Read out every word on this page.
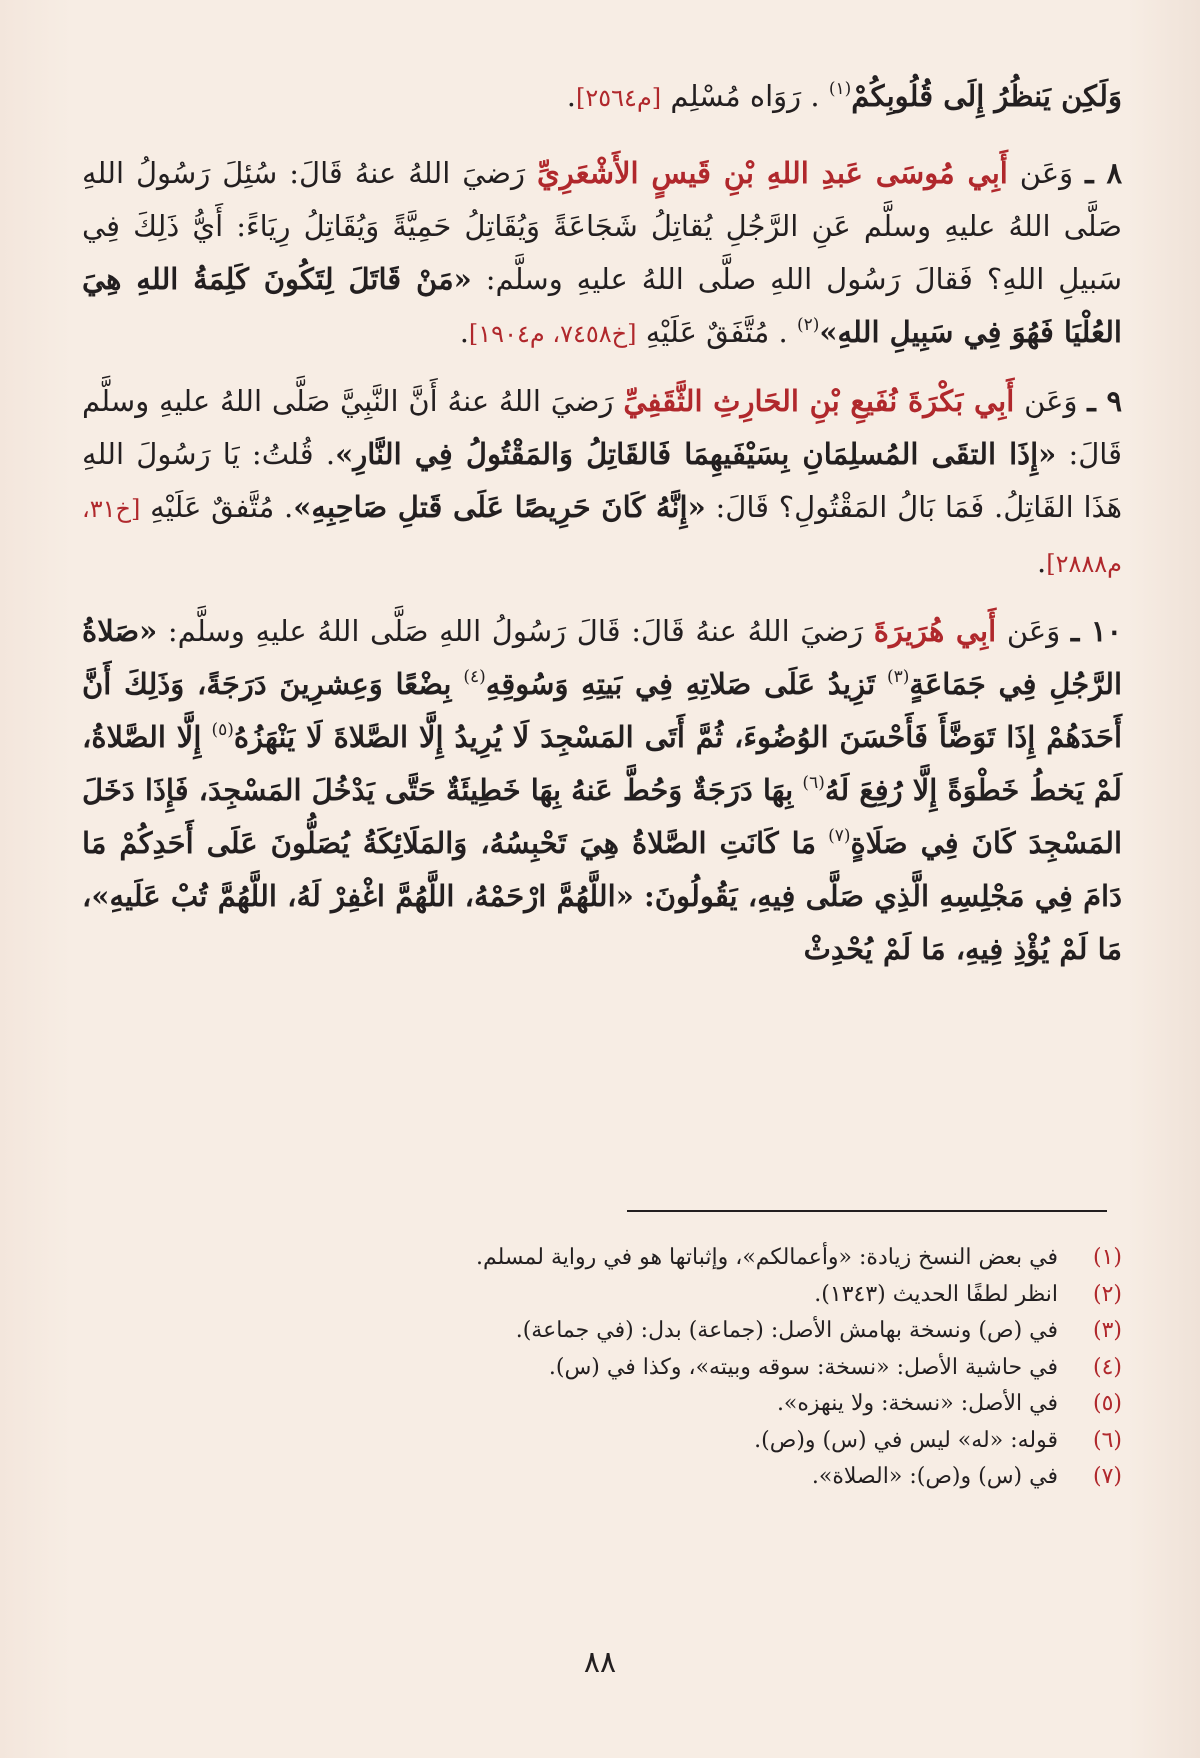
وَلَكِن يَنظُرُ إِلَى قُلُوبِكُمْ$^{(١)}$ . رَوَاه مُسْلِم [م٢٥٦٤].

٨ ـ وَعَن أَبِي مُوسَى عَبدِ اللهِ بْنِ قَيسٍ الأَشْعَرِيِّ رَضيَ اللهُ عنهُ قَالَ: سُئِلَ رَسُولُ اللهِ صَلَّى اللهُ عليهِ وسلَّم عَنِ الرَّجُلِ يُقاتِلُ شَجَاعَةً وَيُقَاتِلُ حَمِيَّةً وَيُقَاتِلُ رِيَاءً: أَيُّ ذَلِكَ فِي سَبيلِ اللهِ؟ فَقالَ رَسُول اللهِ صلَّى اللهُ عليهِ وسلَّم: «مَنْ قَاتَلَ لِتَكُونَ كَلِمَةُ اللهِ هِيَ العُلْيَا فَهُوَ فِي سَبِيلِ اللهِ»$^{(٢)}$ . مُتَّفَقٌ عَلَيْهِ [خ٧٤٥٨، م١٩٠٤].

٩ ـ وَعَن أَبِي بَكْرَةَ نُفَيعِ بْنِ الحَارِثِ الثَّقَفِيِّ رَضيَ اللهُ عنهُ أَنَّ النَّبِيَّ صَلَّى اللهُ عليهِ وسلَّم قَالَ: «إِذَا التقَى المُسلِمَانِ بِسَيْفَيهِمَا فَالقَاتِلُ وَالمَقْتُولُ فِي النَّارِ». قُلتُ: يَا رَسُولَ اللهِ هَذَا القَاتِلُ. فَمَا بَالُ المَقْتُولِ؟ قَالَ: «إِنَّهُ كَانَ حَرِيصًا عَلَى قَتلِ صَاحِبِهِ». مُتَّفقٌ عَلَيْهِ [خ٣١، م٢٨٨٨].

١٠ ـ وَعَن أَبِي هُرَيرَةَ رَضيَ اللهُ عنهُ قَالَ: قَالَ رَسُولُ اللهِ صَلَّى اللهُ عليهِ وسلَّم: «صَلاةُ الرَّجُلِ فِي جَمَاعَةٍ$^{(٣)}$ تَزِيدُ عَلَى صَلاتِهِ فِي بَيتِهِ وَسُوقِهِ$^{(٤)}$ بِضْعًا وَعِشرِينَ دَرَجَةً، وَذَلِكَ أَنَّ أَحَدَهُمْ إِذَا تَوَضَّأَ فَأَحْسَنَ الوُضُوءَ، ثُمَّ أَتَى المَسْجِدَ لَا يُرِيدُ إِلَّا الصَّلاةَ لَا يَنْهَزُهُ$^{(٥)}$ إِلَّا الصَّلاةُ، لَمْ يَخطُ خَطْوَةً إِلَّا رُفِعَ لَهُ$^{(٦)}$ بِهَا دَرَجَةٌ وَحُطَّ عَنهُ بِهَا خَطِيئَةٌ حَتَّى يَدْخُلَ المَسْجِدَ، فَإِذَا دَخَلَ المَسْجِدَ كَانَ فِي صَلَاةٍ$^{(٧)}$ مَا كَانَتِ الصَّلاةُ هِيَ تَحْبِسُهُ، وَالمَلَائِكَةُ يُصَلُّونَ عَلَى أَحَدِكُمْ مَا دَامَ فِي مَجْلِسِهِ الَّذِي صَلَّى فِيهِ، يَقُولُونَ: «اللَّهُمَّ ارْحَمْهُ، اللَّهُمَّ اغْفِرْ لَهُ، اللَّهُمَّ تُبْ عَلَيهِ»، مَا لَمْ يُؤْذِ فِيهِ، مَا لَمْ يُحْدِثْ

(١)
في بعض النسخ زيادة: «وأعمالكم»، وإثباتها هو في رواية لمسلم.
(٢)
انظر لطفًا الحديث (١٣٤٣).
(٣)
في (ص) ونسخة بهامش الأصل: (جماعة) بدل: (في جماعة).
(٤)
في حاشية الأصل: «نسخة: سوقه وبيته»، وكذا في (س).
(٥)
في الأصل: «نسخة: ولا ينهزه».
(٦)
قوله: «له» ليس في (س) و(ص).
(٧)
في (س) و(ص): «الصلاة».
٨٨
